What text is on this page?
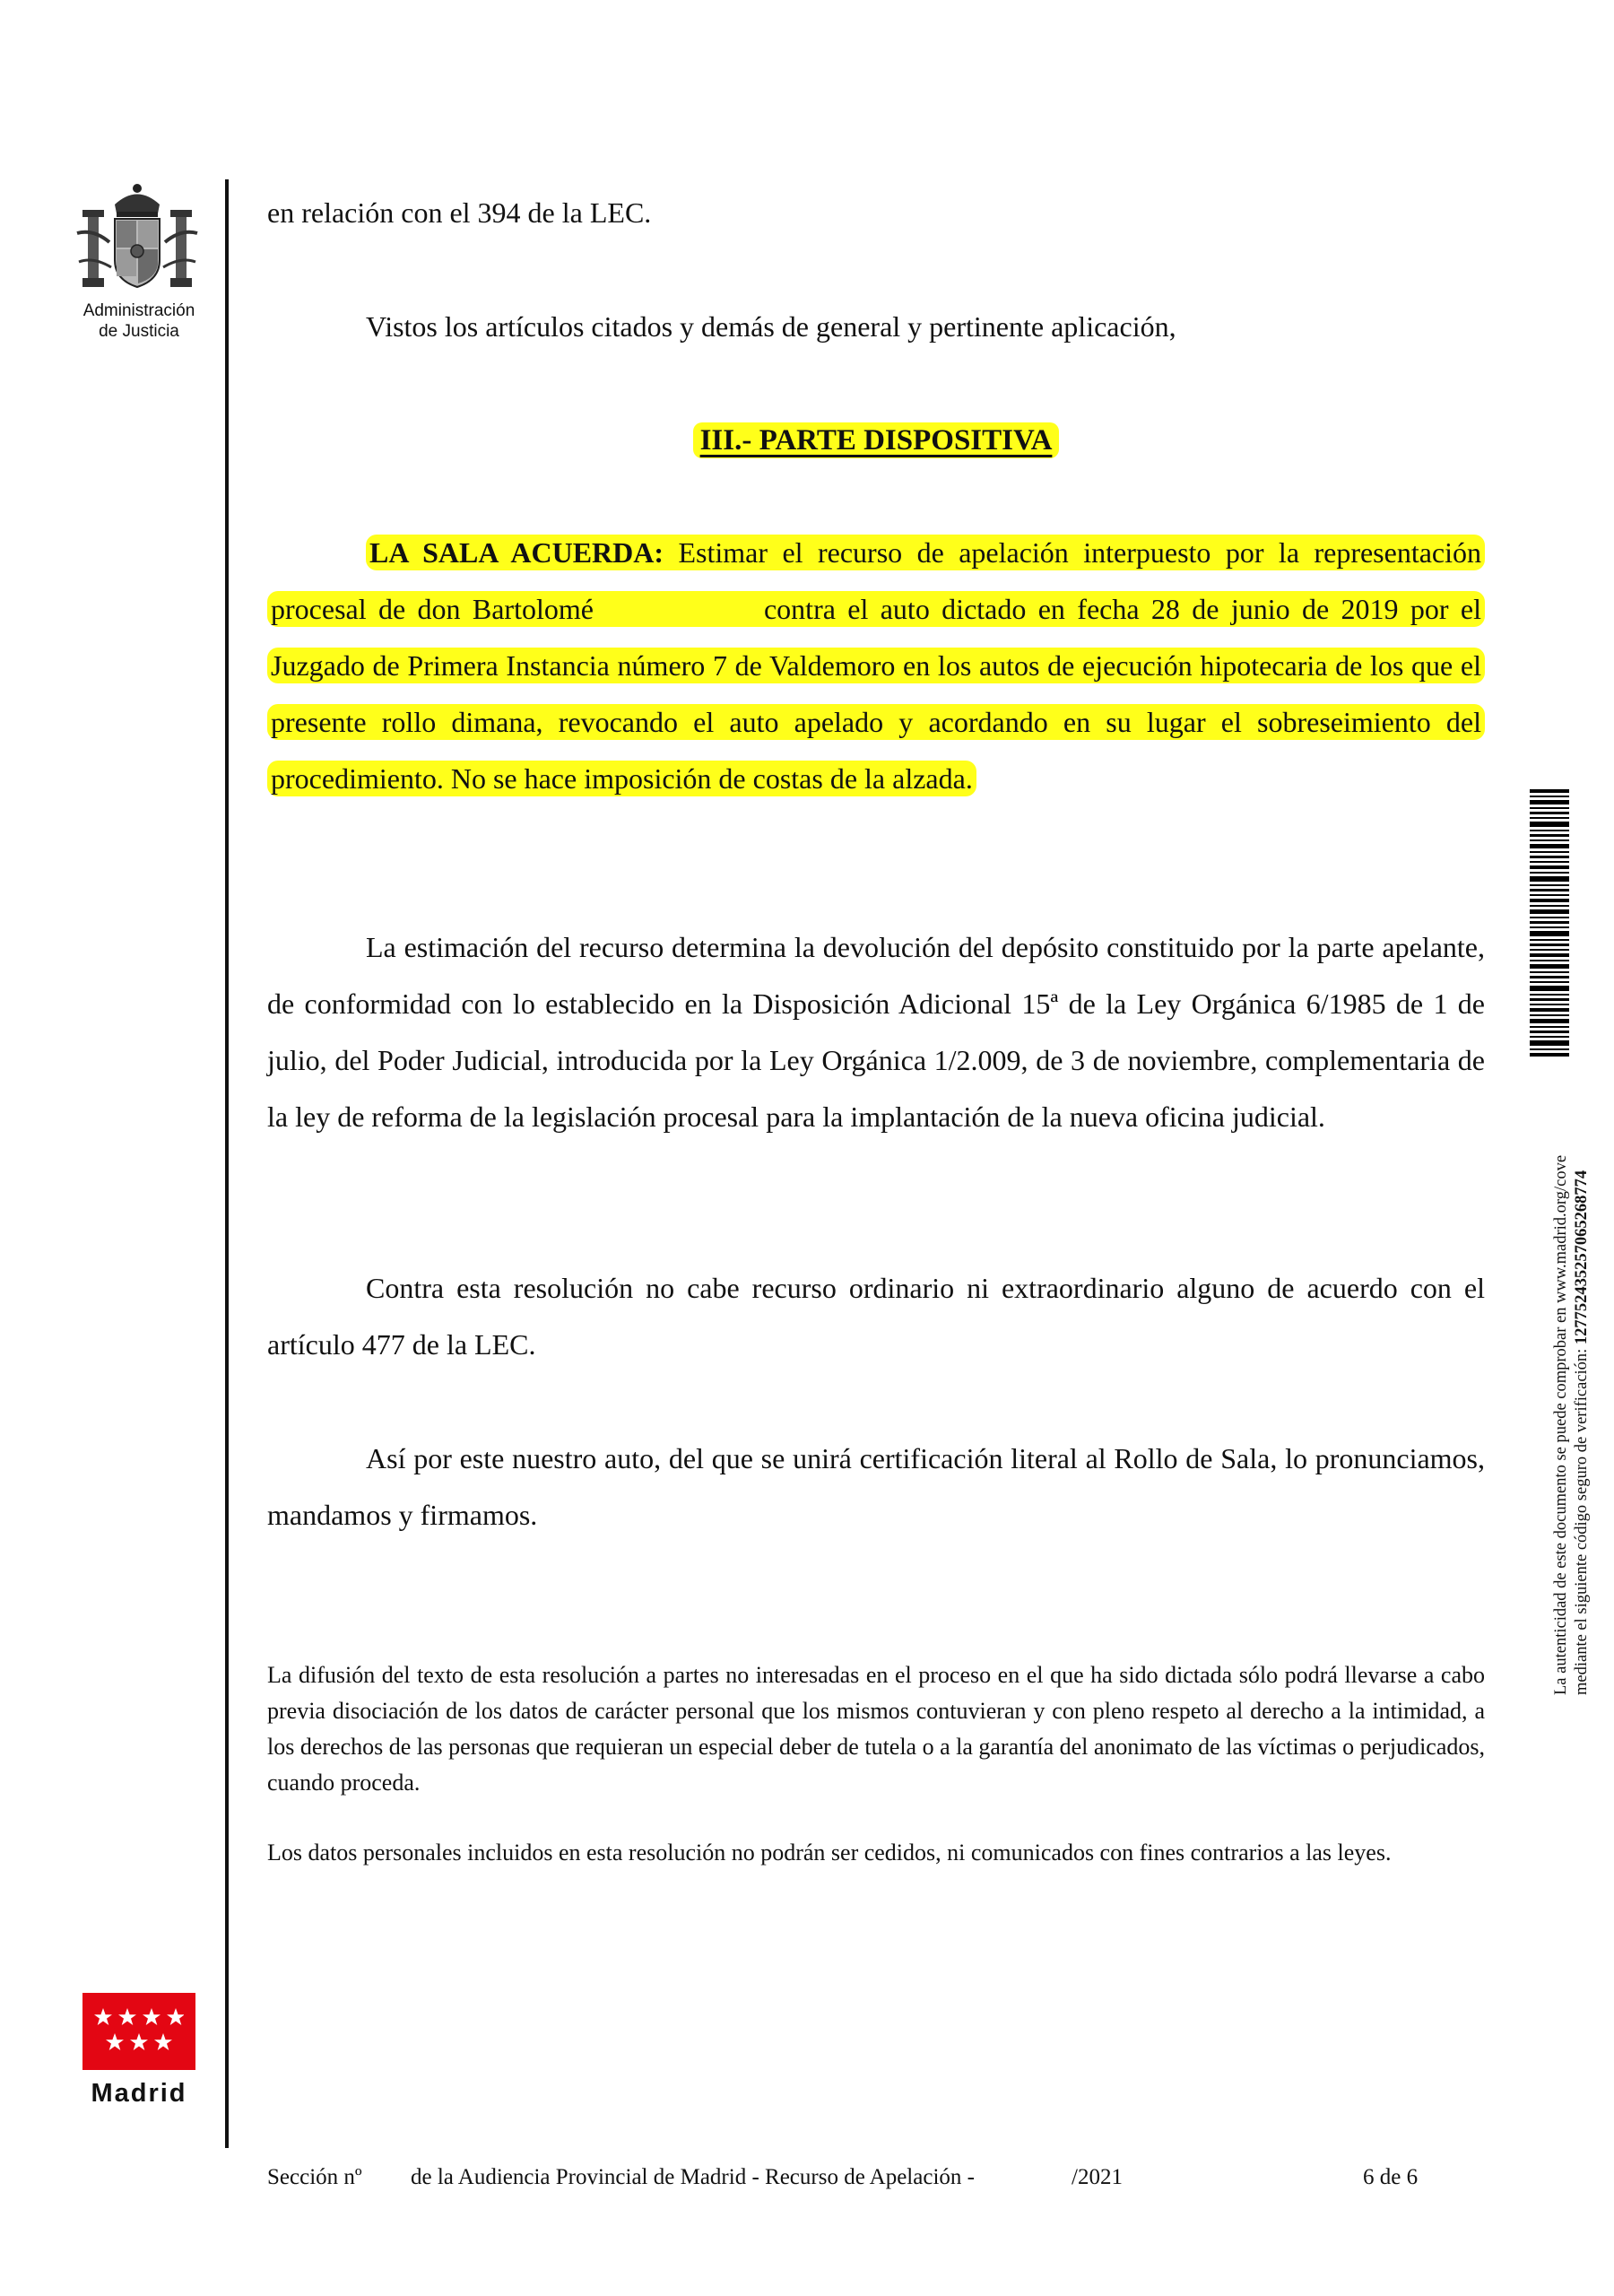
Administración
de Justicia
Madrid

en relación con el 394 de la LEC.

Vistos los artículos citados y demás de general y pertinente aplicación,

III.- PARTE DISPOSITIVA

LA SALA ACUERDA: Estimar el recurso de apelación interpuesto por la representación procesal de don Bartolomé	contra el auto dictado en fecha 28 de junio de 2019 por el Juzgado de Primera Instancia número 7 de Valdemoro en los autos de ejecución hipotecaria de los que el presente rollo dimana, revocando el auto apelado y acordando en su lugar el sobreseimiento del procedimiento. No se hace imposición de costas de la alzada.

La estimación del recurso determina la devolución del depósito constituido por la parte apelante, de conformidad con lo establecido en la Disposición Adicional 15ª de la Ley Orgánica 6/1985 de 1 de julio, del Poder Judicial, introducida por la Ley Orgánica 1/2.009, de 3 de noviembre, complementaria de la ley de reforma de la legislación procesal para la implantación de la nueva oficina judicial.

Contra esta resolución no cabe recurso ordinario ni extraordinario alguno de acuerdo con el artículo 477 de la LEC.

Así por este nuestro auto, del que se unirá certificación literal al Rollo de Sala, lo pronunciamos, mandamos y firmamos.

La difusión del texto de esta resolución a partes no interesadas en el proceso en el que ha sido dictada sólo podrá llevarse a cabo previa disociación de los datos de carácter personal que los mismos contuvieran y con pleno respeto al derecho a la intimidad, a los derechos de las personas que requieran un especial deber de tutela o a la garantía del anonimato de las víctimas o perjudicados, cuando proceda.

Los datos personales incluidos en esta resolución no podrán ser cedidos, ni comunicados con fines contrarios a las leyes.

La autenticidad de este documento se puede comprobar en www.madrid.org/cove mediante el siguiente código seguro de verificación: 1277524352570652687​74
Sección nº de la Audiencia Provincial de Madrid - Recurso de Apelación -	/2021	6 de 6
